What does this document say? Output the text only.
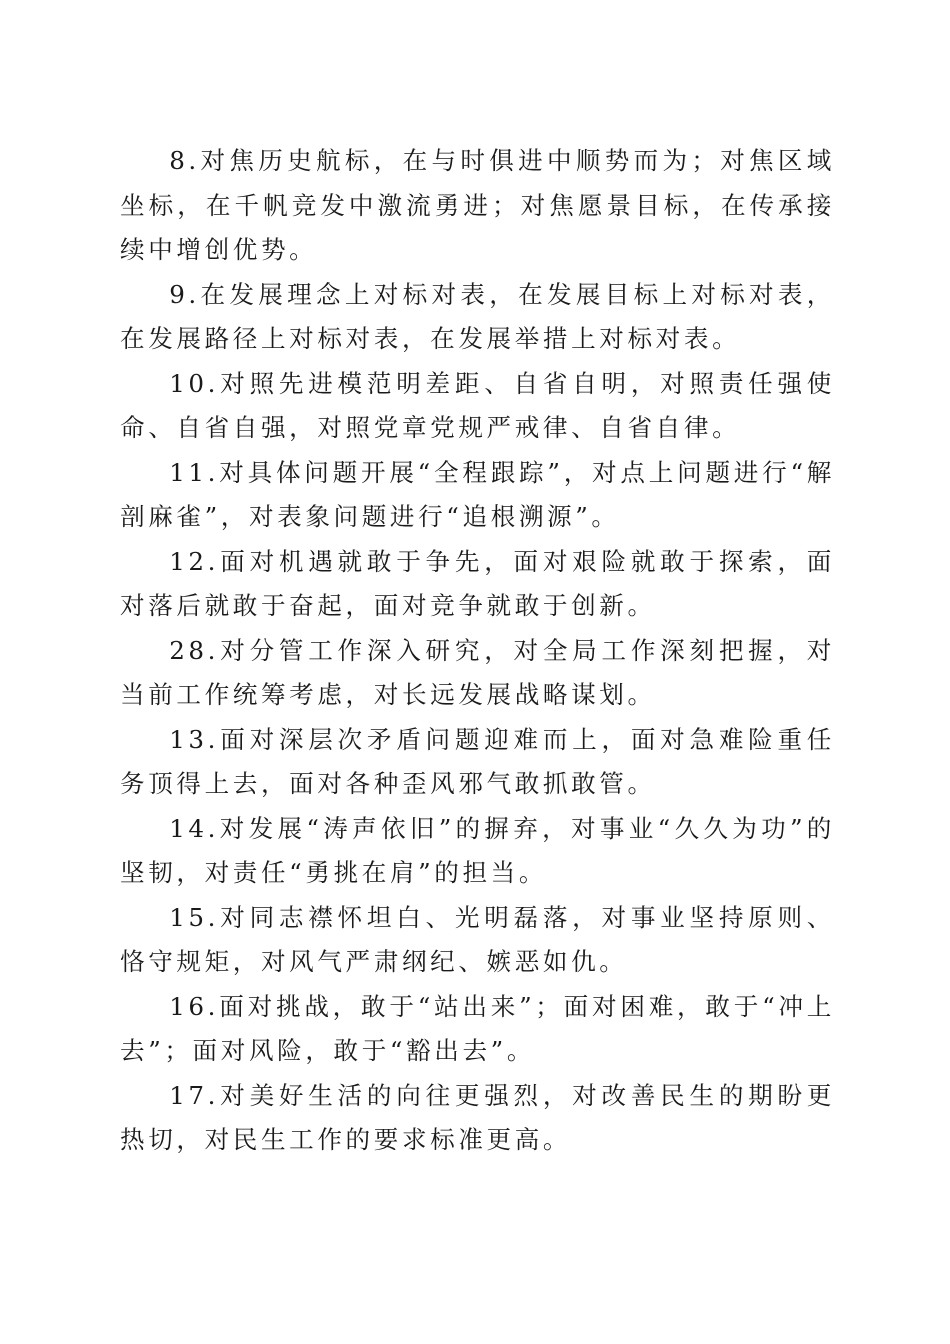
8.对焦历史航标，在与时俱进中顺势而为；对焦区域坐标，在千帆竞发中激流勇进；对焦愿景目标，在传承接续中增创优势。

9.在发展理念上对标对表，在发展目标上对标对表，在发展路径上对标对表，在发展举措上对标对表。

10.对照先进模范明差距、自省自明，对照责任强使命、自省自强，对照党章党规严戒律、自省自律。

11.对具体问题开展“全程跟踪”，对点上问题进行“解剖麻雀”，对表象问题进行“追根溯源”。

12.面对机遇就敢于争先，面对艰险就敢于探索，面对落后就敢于奋起，面对竞争就敢于创新。

28.对分管工作深入研究，对全局工作深刻把握，对当前工作统筹考虑，对长远发展战略谋划。

13.面对深层次矛盾问题迎难而上，面对急难险重任务顶得上去，面对各种歪风邪气敢抓敢管。

14.对发展“涛声依旧”的摒弃，对事业“久久为功”的坚韧，对责任“勇挑在肩”的担当。

15.对同志襟怀坦白、光明磊落，对事业坚持原则、恪守规矩，对风气严肃纲纪、嫉恶如仇。

16.面对挑战，敢于“站出来”；面对困难，敢于“冲上去”；面对风险，敢于“豁出去”。

17.对美好生活的向往更强烈，对改善民生的期盼更热切，对民生工作的要求标准更高。
